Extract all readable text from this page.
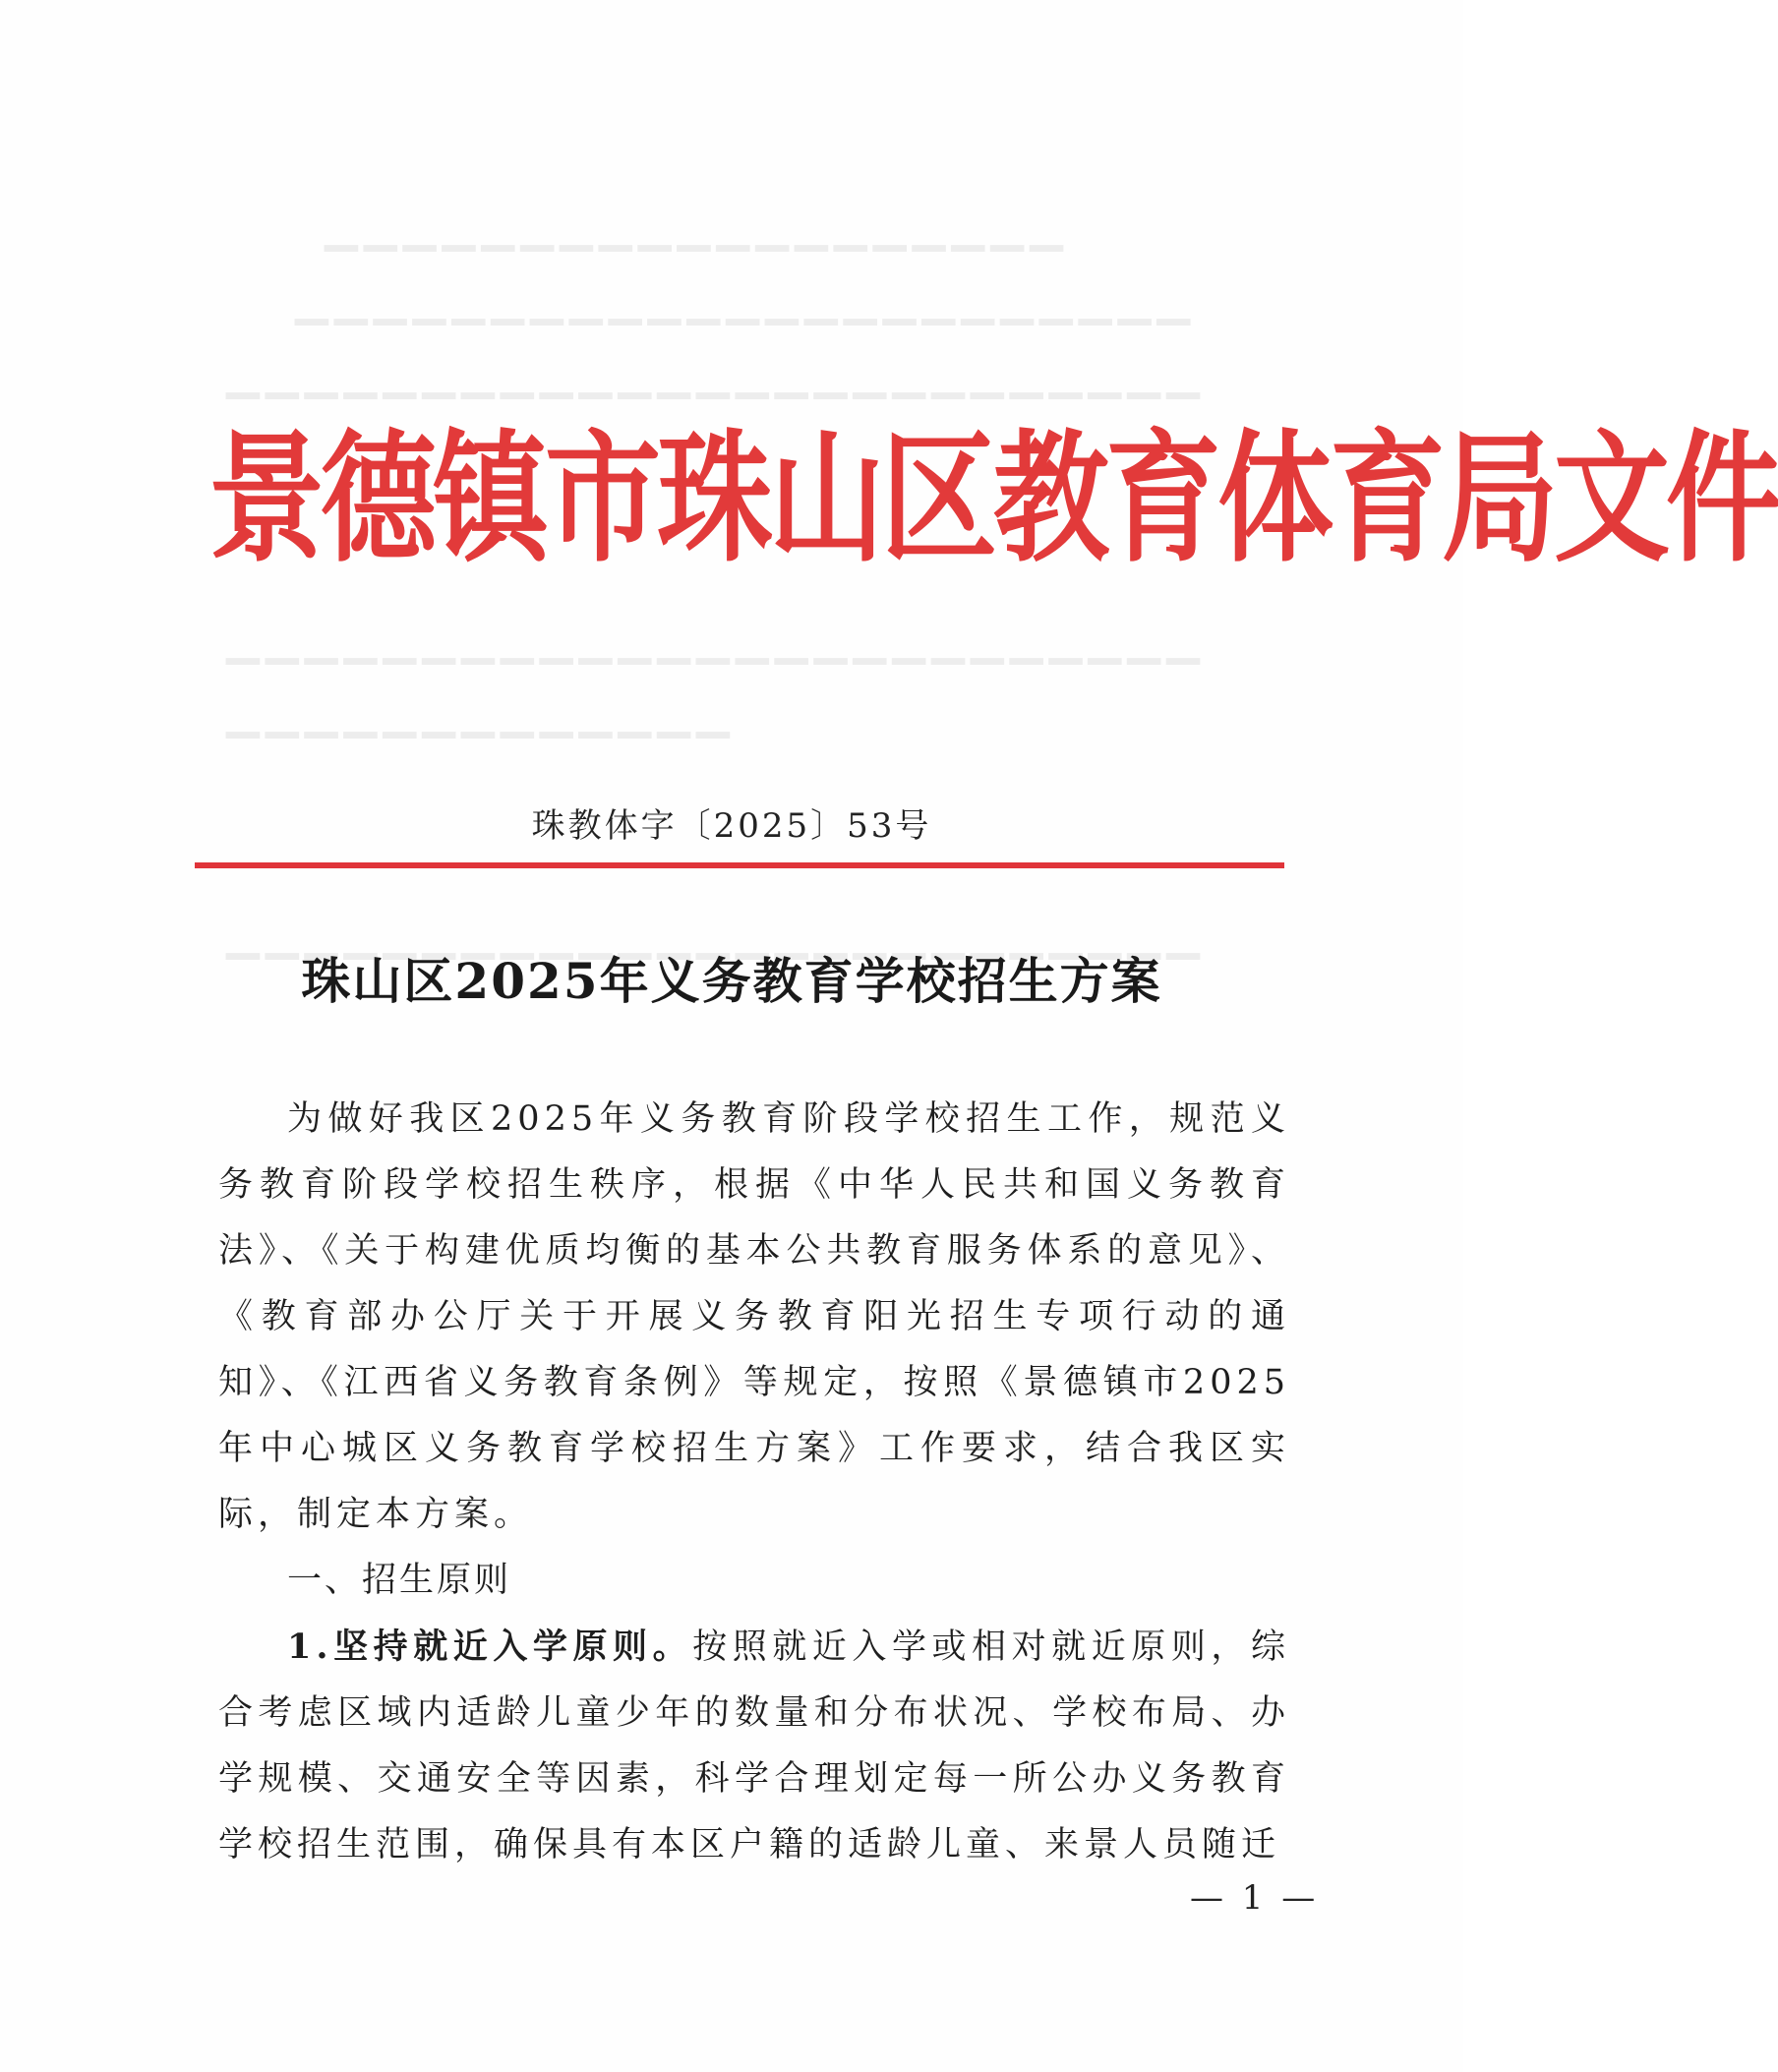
▁▁▁▁▁▁▁▁▁▁▁▁▁▁▁▁▁▁▁
▁▁▁▁▁▁▁▁▁▁▁▁▁▁▁▁▁▁▁▁▁▁▁
▁▁▁▁▁▁▁▁▁▁▁▁▁▁▁▁▁▁▁▁▁▁▁▁▁
▁▁▁▁▁▁▁▁▁▁▁▁▁▁▁▁▁▁▁▁▁▁▁▁▁
▁▁▁▁▁▁▁▁▁▁▁▁▁
▁▁▁▁▁▁▁▁▁▁▁▁▁▁▁▁▁▁▁▁▁▁▁▁▁
景德镇市珠山区教育体育局文件
珠教体字〔2025〕53号
珠山区2025年义务教育学校招生方案

为做好我区2025年义务教育阶段学校招生工作，规范义务教育阶段学校招生秩序，根据《中华人民共和国义务教育法》、《关于构建优质均衡的基本公共教育服务体系的意见》、《教育部办公厅关于开展义务教育阳光招生专项行动的通知》、《江西省义务教育条例》等规定，按照《景德镇市2025年中心城区义务教育学校招生方案》工作要求，结合我区实际，制定本方案。

一、招生原则

1.坚持就近入学原则。按照就近入学或相对就近原则，综合考虑区域内适龄儿童少年的数量和分布状况、学校布局、办学规模、交通安全等因素，科学合理划定每一所公办义务教育学校招生范围，确保具有本区户籍的适龄儿童、来景人员随迁

— 1 —
